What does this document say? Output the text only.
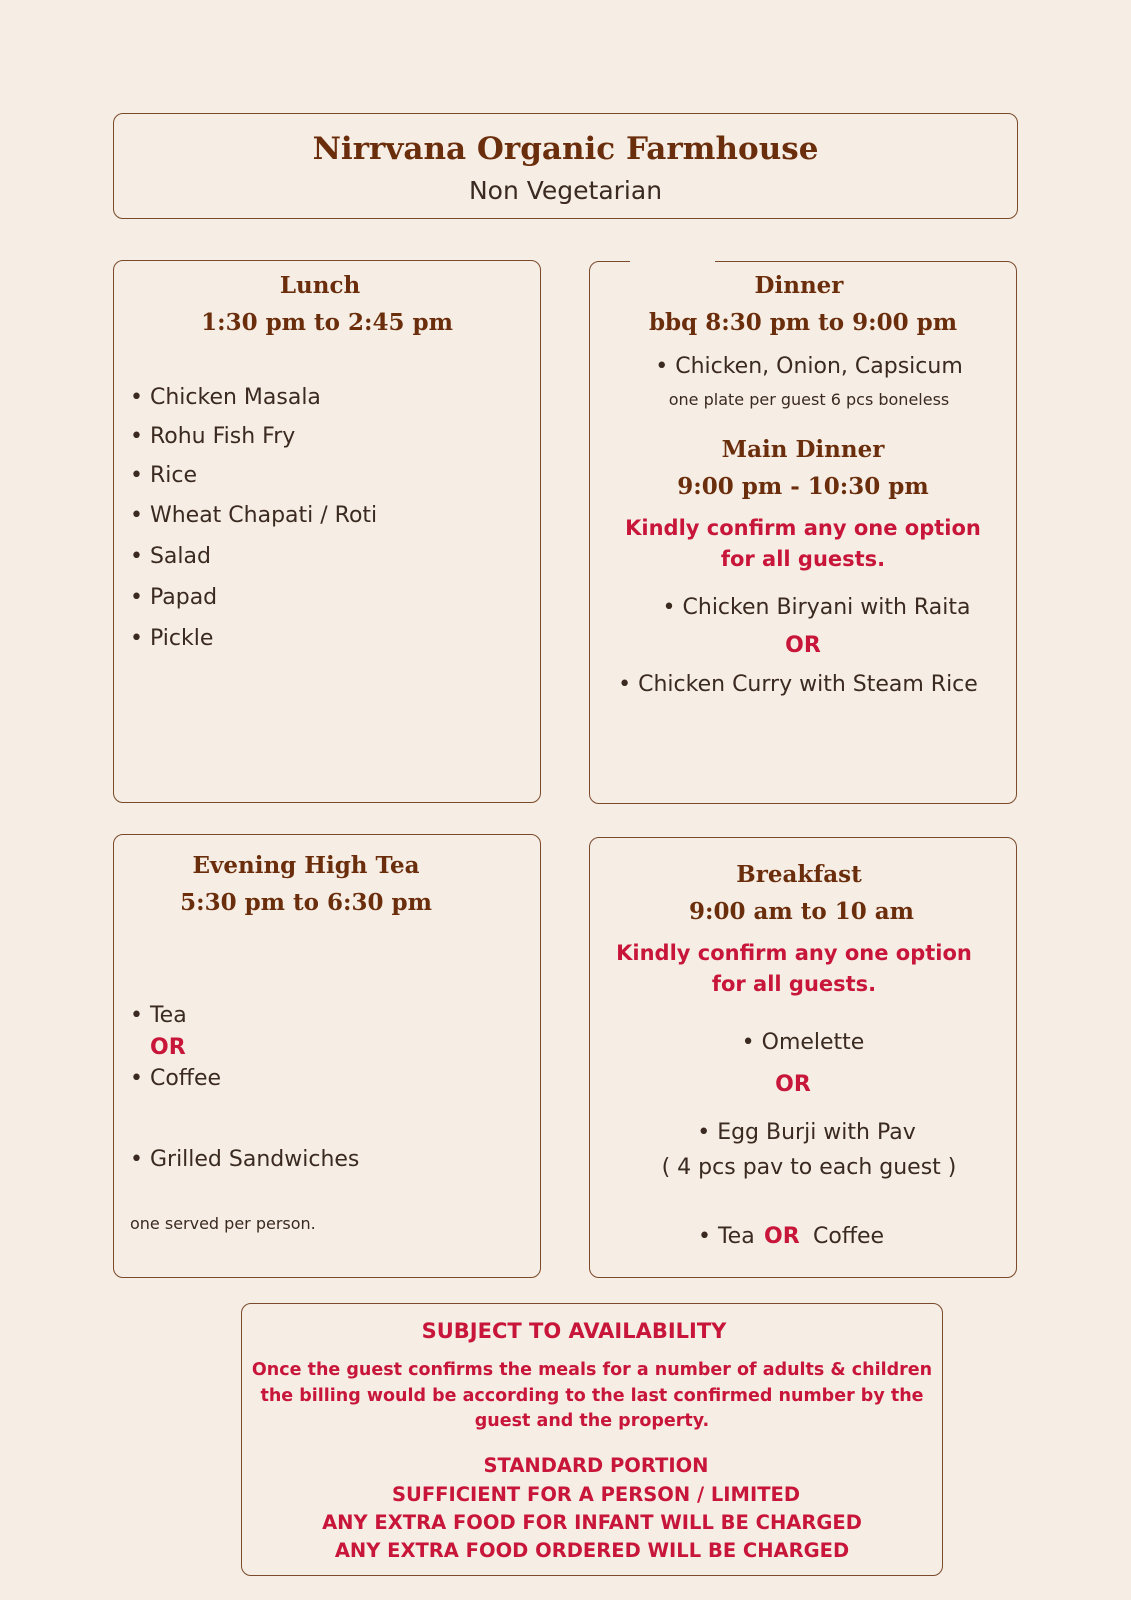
Nirrvana Organic Farmhouse
Non Vegetarian
Lunch
1:30 pm to 2:45 pm
• Chicken Masala
• Rohu Fish Fry
• Rice
• Wheat Chapati / Roti
• Salad
• Papad
• Pickle
Dinner
bbq 8:30 pm to 9:00 pm
• Chicken, Onion, Capsicum
one plate per guest 6 pcs boneless
Main Dinner
9:00 pm - 10:30 pm
Kindly confirm any one option
for all guests.
• Chicken Biryani with Raita
OR
• Chicken Curry with Steam Rice
Evening High Tea
5:30 pm to 6:30 pm
• Tea
OR
• Coffee
• Grilled Sandwiches
one served per person.
Breakfast
9:00 am to 10 am
Kindly confirm any one option
for all guests.
• Omelette
OR
• Egg Burji with Pav
( 4 pcs pav to each guest )
• Tea OR Coffee
SUBJECT TO AVAILABILITY
Once the guest confirms the meals for a number of adults & children
the billing would be according to the last confirmed number by the
guest and the property.
STANDARD PORTION
SUFFICIENT FOR A PERSON / LIMITED
ANY EXTRA FOOD FOR INFANT WILL BE CHARGED
ANY EXTRA FOOD ORDERED WILL BE CHARGED
